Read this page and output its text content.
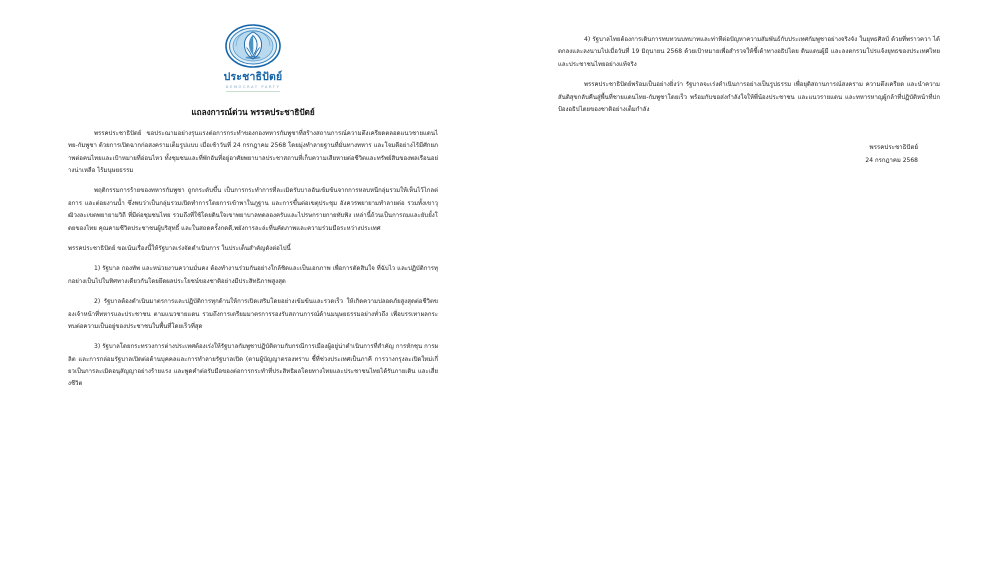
ประชาธิปัตย์
DEMOCRAT PARTY
แถลงการณ์ด่วน พรรคประชาธิปัตย์

พรรคประชาธิปัตย์ ขอประณามอย่างรุนแรงต่อการกระทำของกองทหารกัมพูชาที่สร้างสถานการณ์ความตึงเครียดตลอดแนวชายแดนไทย-กัมพูชา ด้วยการเปิดฉากก่อสงครามเต็มรูปแบบ เมื่อเช้าวันที่ 24 กรกฎาคม 2568 โดยมุ่งทำลายฐานที่มั่นทางทหาร และโจมตีอย่างไร้มีศักยภาพต่อคนไทยและเป้าหมายที่อ่อนไหว ทั้งชุมชนและที่พักอันที่อยู่อาศัยพยาบาลประชาสถานที่เก็บความเสียหายต่อชีวิตและทรัพย์สินของพลเรือนอย่างน่าเหลือ ไร้มนุษยธรรม

พฤติกรรมการร้ายของทหารกัมพูชา ถูกกระดับขึ้น เป็นการกระทำการที่ละเมิดรับบาลอันเข้มข้นจากการหลบหนีกลุ่มรวมให้เห็นไว้ไกลต่อการ และต่อยงานน้ำ ซึ่งพบว่าเป็นกลุ่มรวมเปิดทำการโดยการเข้าพาในภูฐาน และการขึ้นต่อเขตุประชุม อังควรพยายามทำลายต่อ รวมทั้งเขาวุฒิวงละเขตพยายามวิถี ที่มีต่อชุมชนไทย รวมถึงที่ใช้โดยดินใจเขาพยาบาลทดลองครับและไปรษกรายกายทับพิง เหล่านี้ถ้วนเป็นการถมและยับยั้งโดยของไทย คุณคามชีวิตประชาชนผู้บริสุทธิ์ และในสถดครั้งกดดี,พยังการละล่ะที่นคัดภาพและความร่วมมือระหว่างประเทศ

พรรคประชาธิปัตย์ ขอเน้นเรื่องนี้ให้รัฐบาลเร่งจัดดำเนินการ ในประเด็นสำคัญดังต่อไปนี้

1) รัฐบาล กองทัพ และหน่วยงานความมั่นคง ต้องทำงานร่วมกันอย่างใกล้ชิดและเป็นเอกภาพ เพื่อการตัดสินใจ ที่ฉับไว และปฏิบัติการทุกอย่างเป็นไปในทิศทางเดียวกันโดยยึดผลประโยชน์ของชาติอย่างมีประสิทธิภาพสูงสุด

2) รัฐบาลต้องดำเนินมาตรการและปฏิบัติการทุกด้านให้การเปิดเสริมโดยอย่างเข้มข้นและรวดเร็ว ให้เกิดความปลอดภัยสูงสุดต่อชีวิตของเจ้าหน้าที่ทหารและประชาชน ตามแนวชายแดน รวมถึงการเตรียมมาตรการรองรับสถานการณ์ด้านมนุษยธรรมอย่างทั่วถึง เพื่อบรรเทาผลกระทบต่อความเป็นอยู่ของประชาชนในพื้นที่โดยเร็วที่สุด

3) รัฐบาลโดยกระทรวงการต่างประเทศต้องเร่งให้รัฐบาลกัมพูชาปฏิบัติตามกับกรณีการเมืองผู้อยู่น่าดำเนินการที่สำคัญ การหักชุน การผลิต และการกล่อมรัฐบาลเปิดต่อต้านบุคคลและการทำลายรัฐบาลเปิด (ตามผู้บัญญาตรองทราบ ชี้ที่ช่วงประเทศเป็นภาคี การวางกรุงละเปิดใหม่เกี่ยวเป็นการละเมิดอนุสัญญาอย่างร้ายแรง และพูดคำต่อรับมือของต่อการกระทำที่ประสิทธิผลโดยทางไทยและประชาชนไทยได้รับภายเดิน และเสี่ยงชีวิต

4) รัฐบาลไทยต้องการเดินการทบทวนบทบาทและท่าทีต่อปัญหาความสัมพันธ์กับประเทศกัมพูชาอย่างจริงจัง ในยุทธศิลป์ ด้วยที่พราวควา ได้ตกลงและลงนามไปเมื่อวันที่ 19 มิถุนายน 2568 ด้วยเป้าหมายเพื่อสำรวจให้ชี้เต้าทางอธิปไตย ดินแดนผู้มี และลงตกรวมโปรแจ้งยุทธของประเทศไทยและประชาชนไทยอย่างแท้จริง

พรรคประชาธิปัตย์พร้อมเป็นอย่างยิ่งว่า รัฐบาลจะเร่งดำเนินการอย่างเป็นรูปธรรม เพื่อยุติสถานการณ์สงคราม ความตึงเครียด และนำความสันติสุขกลับคืนสู่พื้นที่ชายแดนไทย-กัมพูชาโดยเร็ว พร้อมกับขอส่งกำลังใจให้พี่น้องประชาชน และแนวรายแดน และทหารหาญผู้กล้าที่ปฏิบัติหน้าที่ปกป้องอธิปไตยของชาติอย่างเต็มกำลัง

พรรคประชาธิปัตย์
24 กรกฎาคม 2568
